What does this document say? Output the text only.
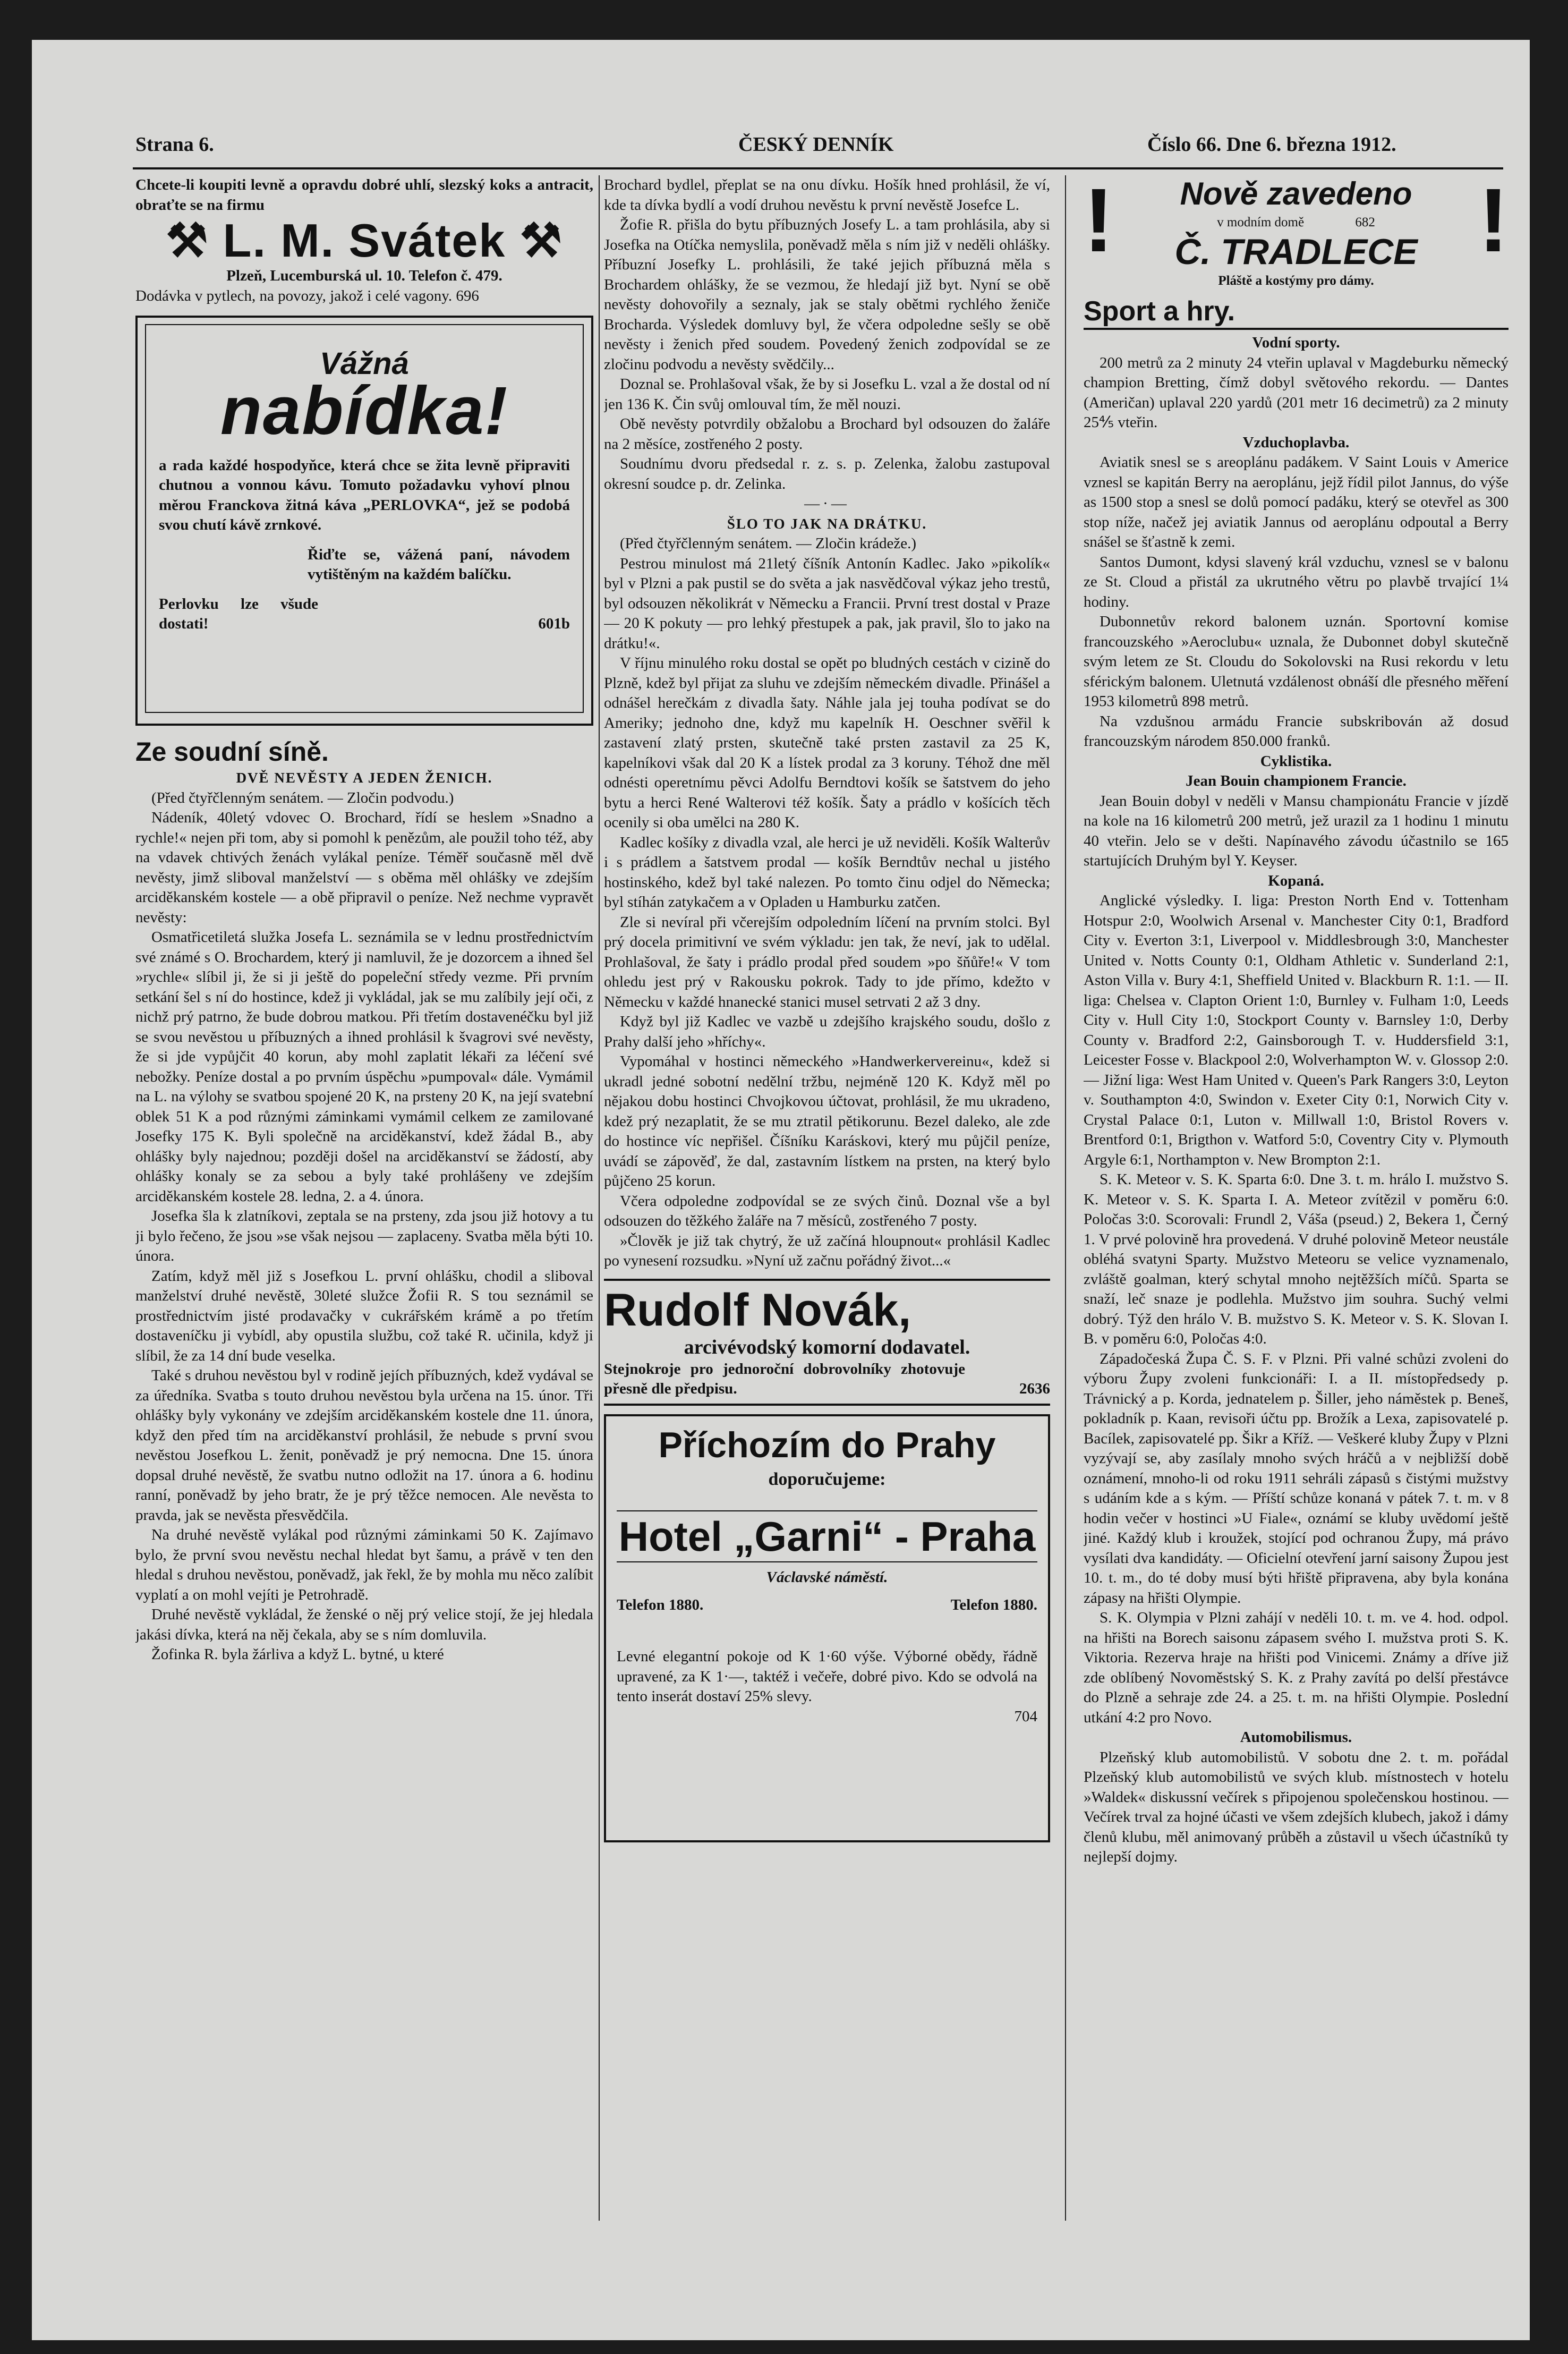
Strana 6.	ČESKÝ DENNÍK	Číslo 66. Dne 6. března 1912.

Chcete-li koupiti levně a opravdu dobré uhlí, slezský koks a antracit, obraťte se na firmu

⚒ L. M. Svátek ⚒

Plzeň, Lucemburská ul. 10. Telefon č. 479.

Dodávka v pytlech, na povozy, jakož i celé vagony. 696

Vážná
nabídka!

a rada každé hospodyňce, která chce se žita levně připraviti chutnou a vonnou kávu. Tomuto požadavku vyhoví plnou měrou Franckova žitná káva „PERLOVKA“, jež se podobá svou chutí kávě zrnkové.

Řiďte se, vážená paní, návodem vytištěným na každém balíčku.

Perlovku lze všude dostati!	601b
Ze soudní síně.
DVĚ NEVĚSTY A JEDEN ŽENICH.

(Před čtyřčlenným senátem. — Zločin podvodu.)

Nádeník, 40letý vdovec O. Brochard, řídí se heslem »Snadno a rychle!« nejen při tom, aby si pomohl k penězům, ale použil toho též, aby na vdavek chtivých ženách vylákal peníze. Téměř současně měl dvě nevěsty, jimž sliboval manželství — s oběma měl ohlášky ve zdejším arciděkanském kostele — a obě připravil o peníze. Než nechme vypravět nevěsty:

Osmatřicetiletá služka Josefa L. seznámila se v lednu prostřednictvím své známé s O. Brochardem, který ji namluvil, že je dozorcem a ihned šel »rychle« slíbil ji, že si ji ještě do popeleční středy vezme. Při prvním setkání šel s ní do hostince, kdež ji vykládal, jak se mu zalíbily její oči, z nichž prý patrno, že bude dobrou matkou. Při třetím dostavenéčku byl již se svou nevěstou u příbuzných a ihned prohlásil k švagrovi své nevěsty, že si jde vypůjčit 40 korun, aby mohl zaplatit lékaři za léčení své nebožky. Peníze dostal a po prvním úspěchu »pumpoval« dále. Vymámil na L. na výlohy se svatbou spojené 20 K, na prsteny 20 K, na její svatební oblek 51 K a pod různými záminkami vymámil celkem ze zamilované Josefky 175 K. Byli společně na arciděkanství, kdež žádal B., aby ohlášky byly najednou; později došel na arciděkanství se žádostí, aby ohlášky konaly se za sebou a byly také prohlášeny ve zdejším arciděkanském kostele 28. ledna, 2. a 4. února.

Josefka šla k zlatníkovi, zeptala se na prsteny, zda jsou již hotovy a tu ji bylo řečeno, že jsou »se však nejsou — zaplaceny. Svatba měla býti 10. února.

Zatím, když měl již s Josefkou L. první ohlášku, chodil a sliboval manželství druhé nevěstě, 30leté služce Žofii R. S tou seznámil se prostřednictvím jisté prodavačky v cukrářském krámě a po třetím dostaveníčku ji vybídl, aby opustila službu, což také R. učinila, když ji slíbil, že za 14 dní bude veselka.

Také s druhou nevěstou byl v rodině jejích příbuzných, kdež vydával se za úředníka. Svatba s touto druhou nevěstou byla určena na 15. únor. Tři ohlášky byly vykonány ve zdejším arciděkanském kostele dne 11. února, když den před tím na arciděkanství prohlásil, že nebude s první svou nevěstou Josefkou L. ženit, poněvadž je prý nemocna. Dne 15. února dopsal druhé nevěstě, že svatbu nutno odložit na 17. února a 6. hodinu ranní, poněvadž by jeho bratr, že je prý těžce nemocen. Ale nevěsta to pravda, jak se nevěsta přesvědčila.

Na druhé nevěstě vylákal pod různými záminkami 50 K. Zajímavo bylo, že první svou nevěstu nechal hledat byt šamu, a právě v ten den hledal s druhou nevěstou, poněvadž, jak řekl, že by mohla mu něco zalíbit vyplatí a on mohl vejíti je Petrohradě.

Druhé nevěstě vykládal, že ženské o něj prý velice stojí, že jej hledala jakási dívka, která na něj čekala, aby se s ním domluvila.

Žofinka R. byla žárliva a když L. bytné, u které

Brochard bydlel, přeplat se na onu dívku. Hošík hned prohlásil, že ví, kde ta dívka bydlí a vodí druhou nevěstu k první nevěstě Josefce L.

Žofie R. přišla do bytu příbuzných Josefy L. a tam prohlásila, aby si Josefka na Otíčka nemyslila, poněvadž měla s ním již v neděli ohlášky. Příbuzní Josefky L. prohlásili, že také jejich příbuzná měla s Brochardem ohlášky, že se vezmou, že hledají již byt. Nyní se obě nevěsty dohovořily a seznaly, jak se staly obětmi rychlého ženiče Brocharda. Výsledek domluvy byl, že včera odpoledne sešly se obě nevěsty i ženich před soudem. Povedený ženich zodpovídal se ze zločinu podvodu a nevěsty svědčily...

Doznal se. Prohlašoval však, že by si Josefku L. vzal a že dostal od ní jen 136 K. Čin svůj omlouval tím, že měl nouzi.

Obě nevěsty potvrdily obžalobu a Brochard byl odsouzen do žaláře na 2 měsíce, zostřeného 2 posty.

Soudnímu dvoru předsedal r. z. s. p. Zelenka, žalobu zastupoval okresní soudce p. dr. Zelinka.

—·—
ŠLO TO JAK NA DRÁTKU.

(Před čtyřčlenným senátem. — Zločin krádeže.)

Pestrou minulost má 21letý číšník Antonín Kadlec. Jako »pikolík« byl v Plzni a pak pustil se do světa a jak nasvědčoval výkaz jeho trestů, byl odsouzen několikrát v Německu a Francii. První trest dostal v Praze — 20 K pokuty — pro lehký přestupek a pak, jak pravil, šlo to jako na drátku!«.

V říjnu minulého roku dostal se opět po bludných cestách v cizině do Plzně, kdež byl přijat za sluhu ve zdejším německém divadle. Přinášel a odnášel herečkám z divadla šaty. Náhle jala jej touha podívat se do Ameriky; jednoho dne, když mu kapelník H. Oeschner svěřil k zastavení zlatý prsten, skutečně také prsten zastavil za 25 K, kapelníkovi však dal 20 K a lístek prodal za 3 koruny. Téhož dne měl odnésti operetnímu pěvci Adolfu Berndtovi košík se šatstvem do jeho bytu a herci René Walterovi též košík. Šaty a prádlo v košících těch ocenily si oba umělci na 280 K.

Kadlec košíky z divadla vzal, ale herci je už neviděli. Košík Walterův i s prádlem a šatstvem prodal — košík Berndtův nechal u jistého hostinského, kdež byl také nalezen. Po tomto činu odjel do Německa; byl stíhán zatykačem a v Opladen u Hamburku zatčen.

Zle si nevíral při včerejším odpoledním líčení na prvním stolci. Byl prý docela primitivní ve svém výkladu: jen tak, že neví, jak to udělal. Prohlašoval, že šaty i prádlo prodal před soudem »po šňůře!« V tom ohledu jest prý v Rakousku pokrok. Tady to jde přímo, kdežto v Německu v každé hnanecké stanici musel setrvati 2 až 3 dny.

Když byl již Kadlec ve vazbě u zdejšího krajského soudu, došlo z Prahy další jeho »hříchy«.

Vypomáhal v hostinci německého »Handwerkervereinu«, kdež si ukradl jedné sobotní nedělní tržbu, nejméně 120 K. Když měl po nějakou dobu hostinci Chvojkovou účtovat, prohlásil, že mu ukradeno, kdež prý nezaplatit, že se mu ztratil pětikorunu. Bezel daleko, ale zde do hostince víc nepřišel. Číšníku Karáskovi, který mu půjčil peníze, uvádí se zápověď, že dal, zastavním lístkem na prsten, na který bylo půjčeno 25 korun.

Včera odpoledne zodpovídal se ze svých činů. Doznal vše a byl odsouzen do těžkého žaláře na 7 měsíců, zostřeného 7 posty.

»Člověk je již tak chytrý, že už začíná hloupnout« prohlásil Kadlec po vynesení rozsudku. »Nyní už začnu pořádný život...«

Rudolf Novák,
arcivévodský komorní dodavatel.
Stejnokroje pro jednoroční dobrovolníky zhotovuje přesně dle předpisu.	2636
Příchozím do Prahy
doporučujeme:
Hotel „Garni“ - Praha
Václavské náměstí.
Telefon 1880.	Telefon 1880.

Levné elegantní pokoje od K 1·60 výše. Výborné obědy, řádně upravené, za K 1·—, taktéž i večeře, dobré pivo. Kdo se odvolá na tento inserát dostaví 25% slevy.

704

!	!
Nově zavedeno
v modním domě	682
Č. TRADLECE
Pláště a kostýmy pro dámy.
Sport a hry.
Vodní sporty.

200 metrů za 2 minuty 24 vteřin uplaval v Magdeburku německý champion Bretting, čímž dobyl světového rekordu. — Dantes (Američan) uplaval 220 yardů (201 metr 16 decimetrů) za 2 minuty 25⅘ vteřin.

Vzduchoplavba.

Aviatik snesl se s areoplánu padákem. V Saint Louis v Americe vznesl se kapitán Berry na aeroplánu, jejž řídil pilot Jannus, do výše as 1500 stop a snesl se dolů pomocí padáku, který se otevřel as 300 stop níže, načež jej aviatik Jannus od aeroplánu odpoutal a Berry snášel se šťastně k zemi.

Santos Dumont, kdysi slavený král vzduchu, vznesl se v balonu ze St. Cloud a přistál za ukrutného větru po plavbě trvající 1¼ hodiny.

Dubonnetův rekord balonem uznán. Sportovní komise francouzského »Aeroclubu« uznala, že Dubonnet dobyl skutečně svým letem ze St. Cloudu do Sokolovski na Rusi rekordu v letu sférickým balonem. Uletnutá vzdálenost obnáší dle přesného měření 1953 kilometrů 898 metrů.

Na vzdušnou armádu Francie subskribován až dosud francouzským národem 850.000 franků.

Cyklistika.
Jean Bouin championem Francie.

Jean Bouin dobyl v neděli v Mansu championátu Francie v jízdě na kole na 16 kilometrů 200 metrů, jež urazil za 1 hodinu 1 minutu 40 vteřin. Jelo se v dešti. Napínavého závodu účastnilo se 165 startujících Druhým byl Y. Keyser.

Kopaná.

Anglické výsledky. I. liga: Preston North End v. Tottenham Hotspur 2:0, Woolwich Arsenal v. Manchester City 0:1, Bradford City v. Everton 3:1, Liverpool v. Middlesbrough 3:0, Manchester United v. Notts County 0:1, Oldham Athletic v. Sunderland 2:1, Aston Villa v. Bury 4:1, Sheffield United v. Blackburn R. 1:1. — II. liga: Chelsea v. Clapton Orient 1:0, Burnley v. Fulham 1:0, Leeds City v. Hull City 1:0, Stockport County v. Barnsley 1:0, Derby County v. Bradford 2:2, Gainsborough T. v. Huddersfield 3:1, Leicester Fosse v. Blackpool 2:0, Wolverhampton W. v. Glossop 2:0. — Jižní liga: West Ham United v. Queen's Park Rangers 3:0, Leyton v. Southampton 4:0, Swindon v. Exeter City 0:1, Norwich City v. Crystal Palace 0:1, Luton v. Millwall 1:0, Bristol Rovers v. Brentford 0:1, Brigthon v. Watford 5:0, Coventry City v. Plymouth Argyle 6:1, Northampton v. New Brompton 2:1.

S. K. Meteor v. S. K. Sparta 6:0. Dne 3. t. m. hrálo I. mužstvo S. K. Meteor v. S. K. Sparta I. A. Meteor zvítězil v poměru 6:0. Poločas 3:0. Scorovali: Frundl 2, Váša (pseud.) 2, Bekera 1, Černý 1. V prvé polovině hra provedená. V druhé polovině Meteor neustále obléhá svatyni Sparty. Mužstvo Meteoru se velice vyznamenalo, zvláště goalman, který schytal mnoho nejtěžších míčů. Sparta se snaží, leč snaze je podlehla. Mužstvo jim souhra. Suchý velmi dobrý. Týž den hrálo V. B. mužstvo S. K. Meteor v. S. K. Slovan I. B. v poměru 6:0, Poločas 4:0.

Západočeská Župa Č. S. F. v Plzni. Při valné schůzi zvoleni do výboru Župy zvoleni funkcionáři: I. a II. místopředsedy p. Trávnický a p. Korda, jednatelem p. Šiller, jeho náměstek p. Beneš, pokladník p. Kaan, revisoři účtu pp. Brožík a Lexa, zapisovatelé p. Bacílek, zapisovatelé pp. Šikr a Kříž. — Veškeré kluby Župy v Plzni vyzývají se, aby zasílaly mnoho svých hráčů a v nejbližší době oznámení, mnoho-li od roku 1911 sehráli zápasů s čistými mužstvy s udáním kde a s kým. — Příští schůze konaná v pátek 7. t. m. v 8 hodin večer v hostinci »U Fiale«, oznámí se kluby uvědomí ještě jiné. Každý klub i kroužek, stojící pod ochranou Župy, má právo vysílati dva kandidáty. — Oficielní otevření jarní saisony Župou jest 10. t. m., do té doby musí býti hřiště připravena, aby byla konána zápasy na hřišti Olympie.

S. K. Olympia v Plzni zahájí v neděli 10. t. m. ve 4. hod. odpol. na hřišti na Borech saisonu zápasem svého I. mužstva proti S. K. Viktoria. Rezerva hraje na hřišti pod Vinicemi. Známy a dříve již zde oblíbený Novoměstský S. K. z Prahy zavítá po delší přestávce do Plzně a sehraje zde 24. a 25. t. m. na hřišti Olympie. Poslední utkání 4:2 pro Novo.

Automobilismus.

Plzeňský klub automobilistů. V sobotu dne 2. t. m. pořádal Plzeňský klub automobilistů ve svých klub. místnostech v hotelu »Waldek« diskussní večírek s připojenou společenskou hostinou. — Večírek trval za hojné účasti ve všem zdejších klubech, jakož i dámy členů klubu, měl animovaný průběh a zůstavil u všech účastníků ty nejlepší dojmy.
